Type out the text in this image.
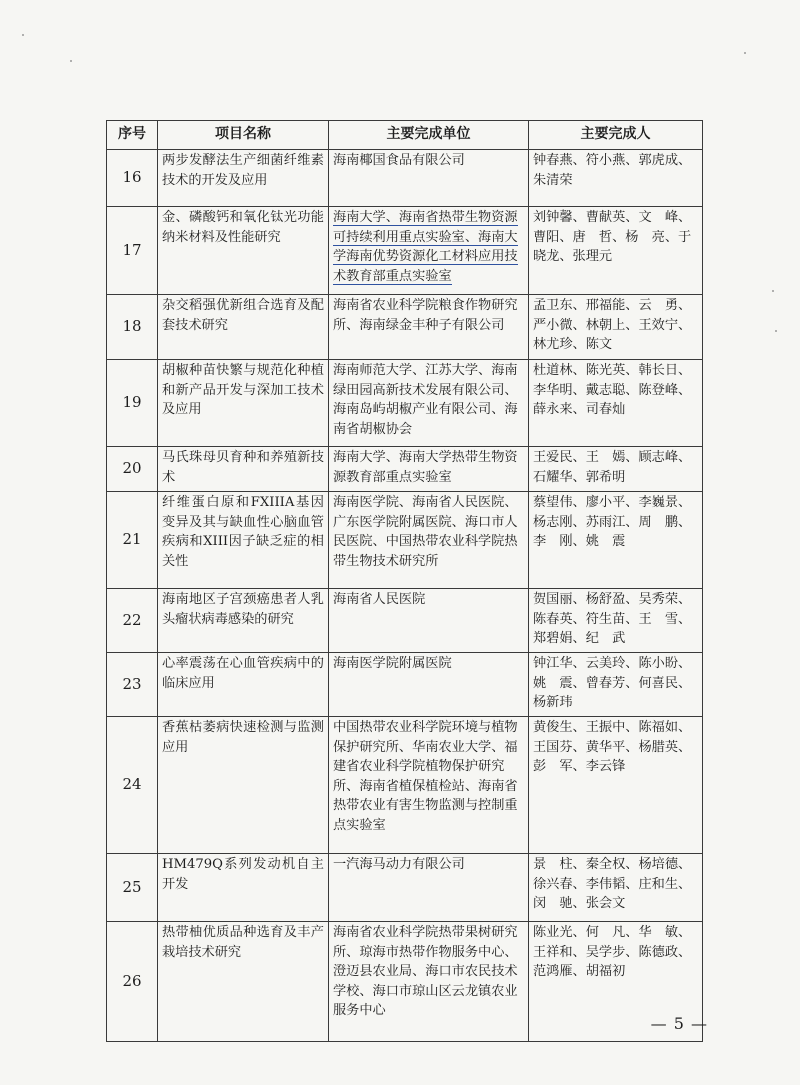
序号	项目名称	主要完成单位	主要完成人
16	两步发酵法生产细菌纤维素技术的开发及应用	海南椰国食品有限公司	钟春燕、符小燕、郭虎成、朱清荣
17	金、磷酸钙和氧化钛光功能纳米材料及性能研究	海南大学、海南省热带生物资源可持续利用重点实验室、海南大学海南优势资源化工材料应用技术教育部重点实验室	刘钟馨、曹献英、文　峰、曹阳、唐　哲、杨　亮、于晓龙、张理元
18	杂交稻强优新组合选育及配套技术研究	海南省农业科学院粮食作物研究所、海南绿金丰种子有限公司	孟卫东、邢福能、云　勇、严小微、林朝上、王效宁、林尤珍、陈文
19	胡椒种苗快繁与规范化种植和新产品开发与深加工技术及应用	海南师范大学、江苏大学、海南绿田园高新技术发展有限公司、海南岛屿胡椒产业有限公司、海南省胡椒协会	杜道林、陈光英、韩长日、李华明、戴志聪、陈登峰、薛永来、司春灿
20	马氏珠母贝育种和养殖新技术	海南大学、海南大学热带生物资源教育部重点实验室	王爱民、王　嫣、顾志峰、石耀华、郭希明
21	纤维蛋白原和FXIIIA基因变异及其与缺血性心脑血管疾病和XIII因子缺乏症的相关性	海南医学院、海南省人民医院、广东医学院附属医院、海口市人民医院、中国热带农业科学院热带生物技术研究所	蔡望伟、廖小平、李巍景、杨志刚、苏雨江、周　鹏、李　刚、姚　震
22	海南地区子宫颈癌患者人乳头瘤状病毒感染的研究	海南省人民医院	贺国丽、杨舒盈、吴秀荣、陈春英、符生苗、王　雪、郑碧娟、纪　武
23	心率震荡在心血管疾病中的临床应用	海南医学院附属医院	钟江华、云美玲、陈小盼、姚　震、曾春芳、何喜民、杨新玮
24	香蕉枯萎病快速检测与监测应用	中国热带农业科学院环境与植物保护研究所、华南农业大学、福建省农业科学院植物保护研究所、海南省植保植检站、海南省热带农业有害生物监测与控制重点实验室	黄俊生、王振中、陈福如、王国芬、黄华平、杨腊英、彭　军、李云锋
25	HM479Q系列发动机自主开发	一汽海马动力有限公司	景　柱、秦全权、杨培德、徐兴春、李伟韬、庄和生、闵　驰、张会文
26	热带柚优质品种选育及丰产栽培技术研究	海南省农业科学院热带果树研究所、琼海市热带作物服务中心、澄迈县农业局、海口市农民技术学校、海口市琼山区云龙镇农业服务中心	陈业光、何　凡、华　敏、王祥和、吴学步、陈德政、范鸿雁、胡福初
— 5 —
